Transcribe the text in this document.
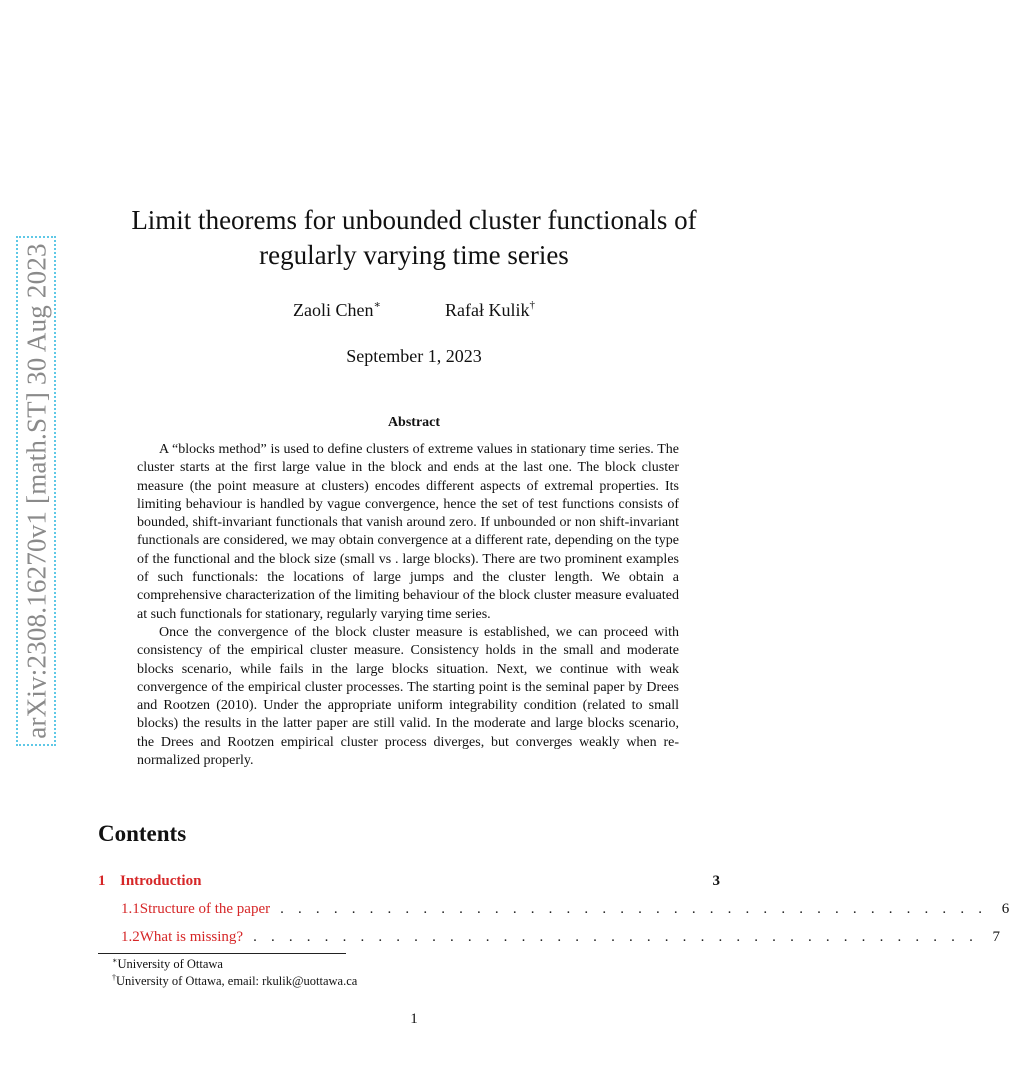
arXiv:2308.16270v1 [math.ST] 30 Aug 2023
Limit theorems for unbounded cluster functionals of
regularly varying time series
Zaoli Chen∗	Rafał Kulik†
September 1, 2023
Abstract

A “blocks method” is used to define clusters of extreme values in stationary time series. The cluster starts at the first large value in the block and ends at the last one. The block cluster measure (the point measure at clusters) encodes different aspects of extremal properties. Its limiting behaviour is handled by vague convergence, hence the set of test functions consists of bounded, shift-invariant functionals that vanish around zero. If unbounded or non shift-invariant functionals are considered, we may obtain convergence at a different rate, depending on the type of the functional and the block size (small vs . large blocks). There are two prominent examples of such functionals: the locations of large jumps and the cluster length. We obtain a comprehensive characterization of the limiting behaviour of the block cluster measure evaluated at such functionals for stationary, regularly varying time series.

Once the convergence of the block cluster measure is established, we can proceed with consistency of the empirical cluster measure. Consistency holds in the small and moderate blocks scenario, while fails in the large blocks situation. Next, we continue with weak convergence of the empirical cluster processes. The starting point is the seminal paper by Drees and Rootzen (2010). Under the appropriate uniform integrability condition (related to small blocks) the results in the latter paper are still valid. In the moderate and large blocks scenario, the Drees and Rootzen empirical cluster process diverges, but converges weakly when re-normalized properly.

Contents
1 Introduction	3
1.1 Structure of the paper . . . . . . . . . . . . . . . . . . . . . . . . . . . . . . . . . . . . . . . . 6
1.2 What is missing? . . . . . . . . . . . . . . . . . . . . . . . . . . . . . . . . . . . . . . . . . 7
∗University of Ottawa
†University of Ottawa, email: rkulik@uottawa.ca
1
